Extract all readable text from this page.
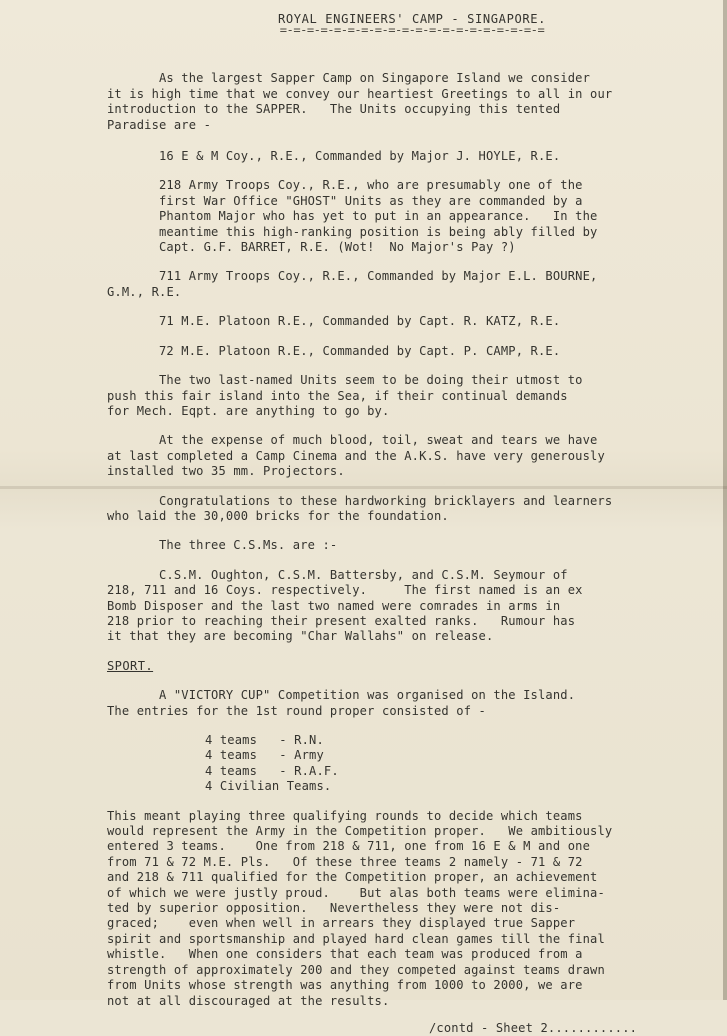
ROYAL ENGINEERS' CAMP - SINGAPORE.
=-=-=-=-=-=-=-=-=-=-=-=-=-=-=-=-=-=-=-=

As the largest Sapper Camp on Singapore Island we consider

it is high time that we convey our heartiest Greetings to all in our

introduction to the SAPPER.   The Units occupying this tented

Paradise are -

16 E & M Coy., R.E., Commanded by Major J. HOYLE, R.E.

218 Army Troops Coy., R.E., who are presumably one of the

first War Office "GHOST" Units as they are commanded by a

Phantom Major who has yet to put in an appearance.   In the

meantime this high-ranking position is being ably filled by

Capt. G.F. BARRET, R.E. (Wot!  No Major's Pay ?)

711 Army Troops Coy., R.E., Commanded by Major E.L. BOURNE,

G.M., R.E.

71 M.E. Platoon R.E., Commanded by Capt. R. KATZ, R.E.

72 M.E. Platoon R.E., Commanded by Capt. P. CAMP, R.E.

The two last-named Units seem to be doing their utmost to

push this fair island into the Sea, if their continual demands

for Mech. Eqpt. are anything to go by.

At the expense of much blood, toil, sweat and tears we have

at last completed a Camp Cinema and the A.K.S. have very generously

installed two 35 mm. Projectors.

Congratulations to these hardworking bricklayers and learners

who laid the 30,000 bricks for the foundation.

The three C.S.Ms. are :-

C.S.M. Oughton, C.S.M. Battersby, and C.S.M. Seymour of

218, 711 and 16 Coys. respectively.     The first named is an ex

Bomb Disposer and the last two named were comrades in arms in

218 prior to reaching their present exalted ranks.   Rumour has

it that they are becoming "Char Wallahs" on release.

SPORT.

A "VICTORY CUP" Competition was organised on the Island.

The entries for the 1st round proper consisted of -

4 teams   - R.N.

4 teams   - Army

4 teams   - R.A.F.

4 Civilian Teams.

This meant playing three qualifying rounds to decide which teams

would represent the Army in the Competition proper.   We ambitiously

entered 3 teams.    One from 218 & 711, one from 16 E & M and one

from 71 & 72 M.E. Pls.   Of these three teams 2 namely - 71 & 72

and 218 & 711 qualified for the Competition proper, an achievement

of which we were justly proud.    But alas both teams were elimina-

ted by superior opposition.   Nevertheless they were not dis-

graced;    even when well in arrears they displayed true Sapper

spirit and sportsmanship and played hard clean games till the final

whistle.   When one considers that each team was produced from a

strength of approximately 200 and they competed against teams drawn

from Units whose strength was anything from 1000 to 2000, we are

not at all discouraged at the results.

/contd - Sheet 2............
